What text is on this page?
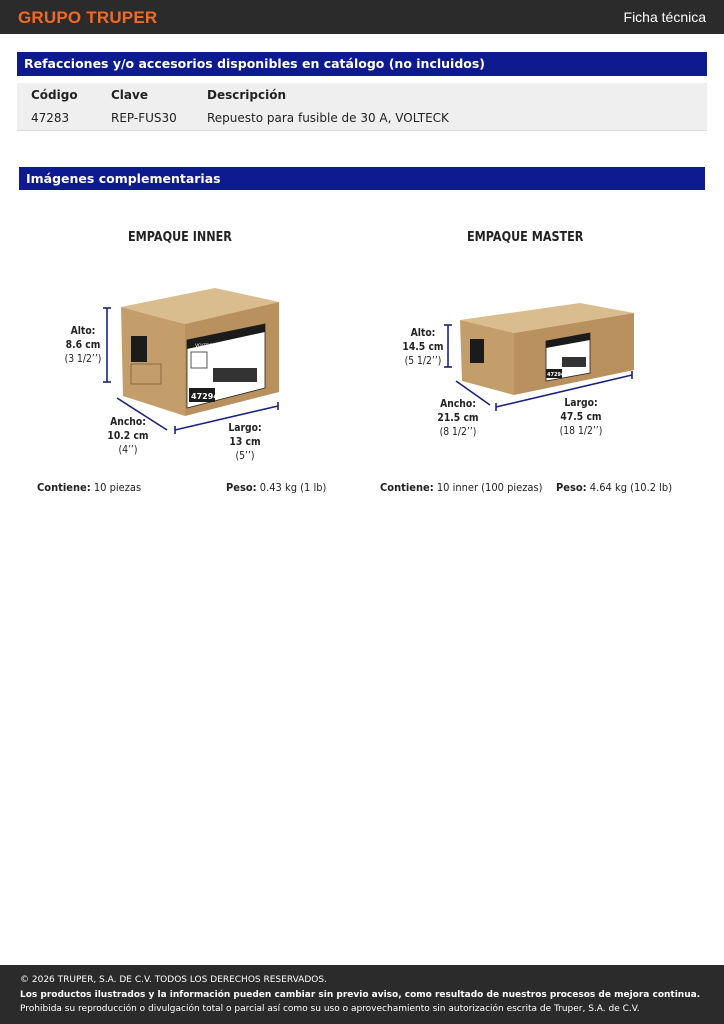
GRUPO TRUPER	Ficha técnica
Refacciones y/o accesorios disponibles en catálogo (no incluidos)
Código	Clave	Descripción
47283	REP-FUS30	Repuesto para fusible de 30 A, VOLTECK
Imágenes complementarias
EMPAQUE INNER
47294
VOLTECK
Alto:
8.6 cm
(3 1/2’’)
Ancho:
10.2 cm
(4’’)
Largo:
13 cm
(5’’)
Contiene: 10 piezas	Peso: 0.43 kg (1 lb)
EMPAQUE MASTER
47294
Alto:
14.5 cm
(5 1/2’’)
Ancho:
21.5 cm
(8 1/2’’)
Largo:
47.5 cm
(18 1/2’’)
Contiene: 10 inner (100 piezas) Peso: 4.64 kg (10.2 lb)
© 2026 TRUPER, S.A. DE C.V. TODOS LOS DERECHOS RESERVADOS.
Los productos ilustrados y la información pueden cambiar sin previo aviso, como resultado de nuestros procesos de mejora continua.
Prohibida su reproducción o divulgación total o parcial así como su uso o aprovechamiento sin autorización escrita de Truper, S.A. de C.V.
